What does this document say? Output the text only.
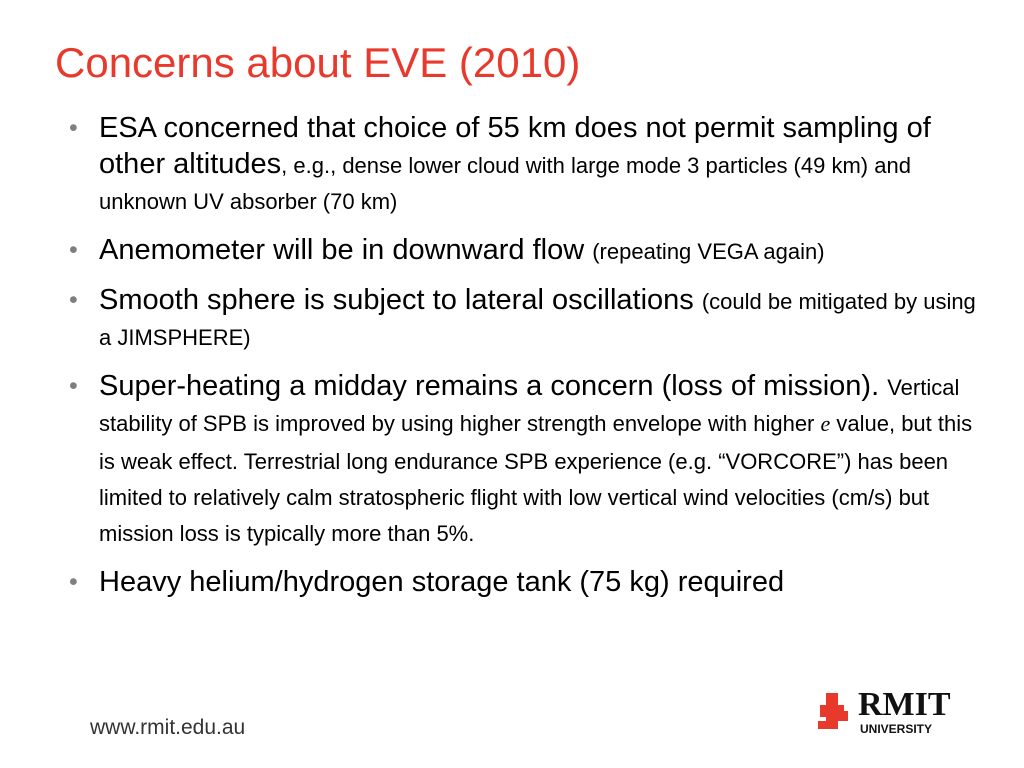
Concerns about EVE (2010)
• ESA concerned that choice of 55 km does not permit sampling of other altitudes, e.g., dense lower cloud with large mode 3 particles (49 km) and unknown UV absorber (70 km)
• Anemometer will be in downward flow (repeating VEGA again)
• Smooth sphere is subject to lateral oscillations (could be mitigated by using a JIMSPHERE)
• Super-heating a midday remains a concern (loss of mission). Vertical stability of SPB is improved by using higher strength envelope with higher e value, but this is weak effect. Terrestrial long endurance SPB experience (e.g. “VORCORE”) has been limited to relatively calm stratospheric flight with low vertical wind velocities (cm/s) but mission loss is typically more than 5%.
• Heavy helium/hydrogen storage tank (75 kg) required
www.rmit.edu.au
RMIT
UNIVERSITY
